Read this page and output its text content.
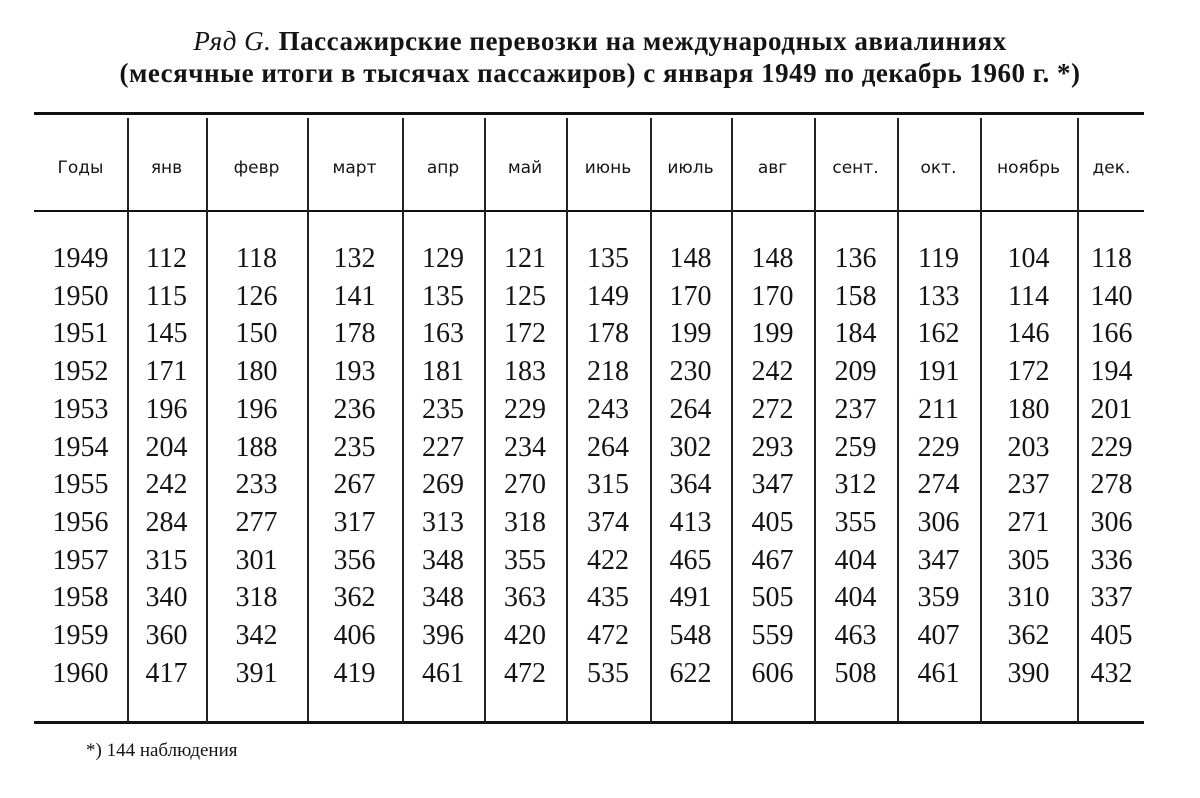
Ряд G. Пассажирские перевозки на международных авиалиниях
(месячные итоги в тысячах пассажиров) с января 1949 по декабрь 1960 г. *)
Годы	янв	февр	март	апр	май	июнь	июль	авг	сент.	окт.	ноябрь	дек.
1949	112	118	132	129	121	135	148	148	136	119	104	118
1950	115	126	141	135	125	149	170	170	158	133	114	140
1951	145	150	178	163	172	178	199	199	184	162	146	166
1952	171	180	193	181	183	218	230	242	209	191	172	194
1953	196	196	236	235	229	243	264	272	237	211	180	201
1954	204	188	235	227	234	264	302	293	259	229	203	229
1955	242	233	267	269	270	315	364	347	312	274	237	278
1956	284	277	317	313	318	374	413	405	355	306	271	306
1957	315	301	356	348	355	422	465	467	404	347	305	336
1958	340	318	362	348	363	435	491	505	404	359	310	337
1959	360	342	406	396	420	472	548	559	463	407	362	405
1960	417	391	419	461	472	535	622	606	508	461	390	432
*) 144 наблюдения
